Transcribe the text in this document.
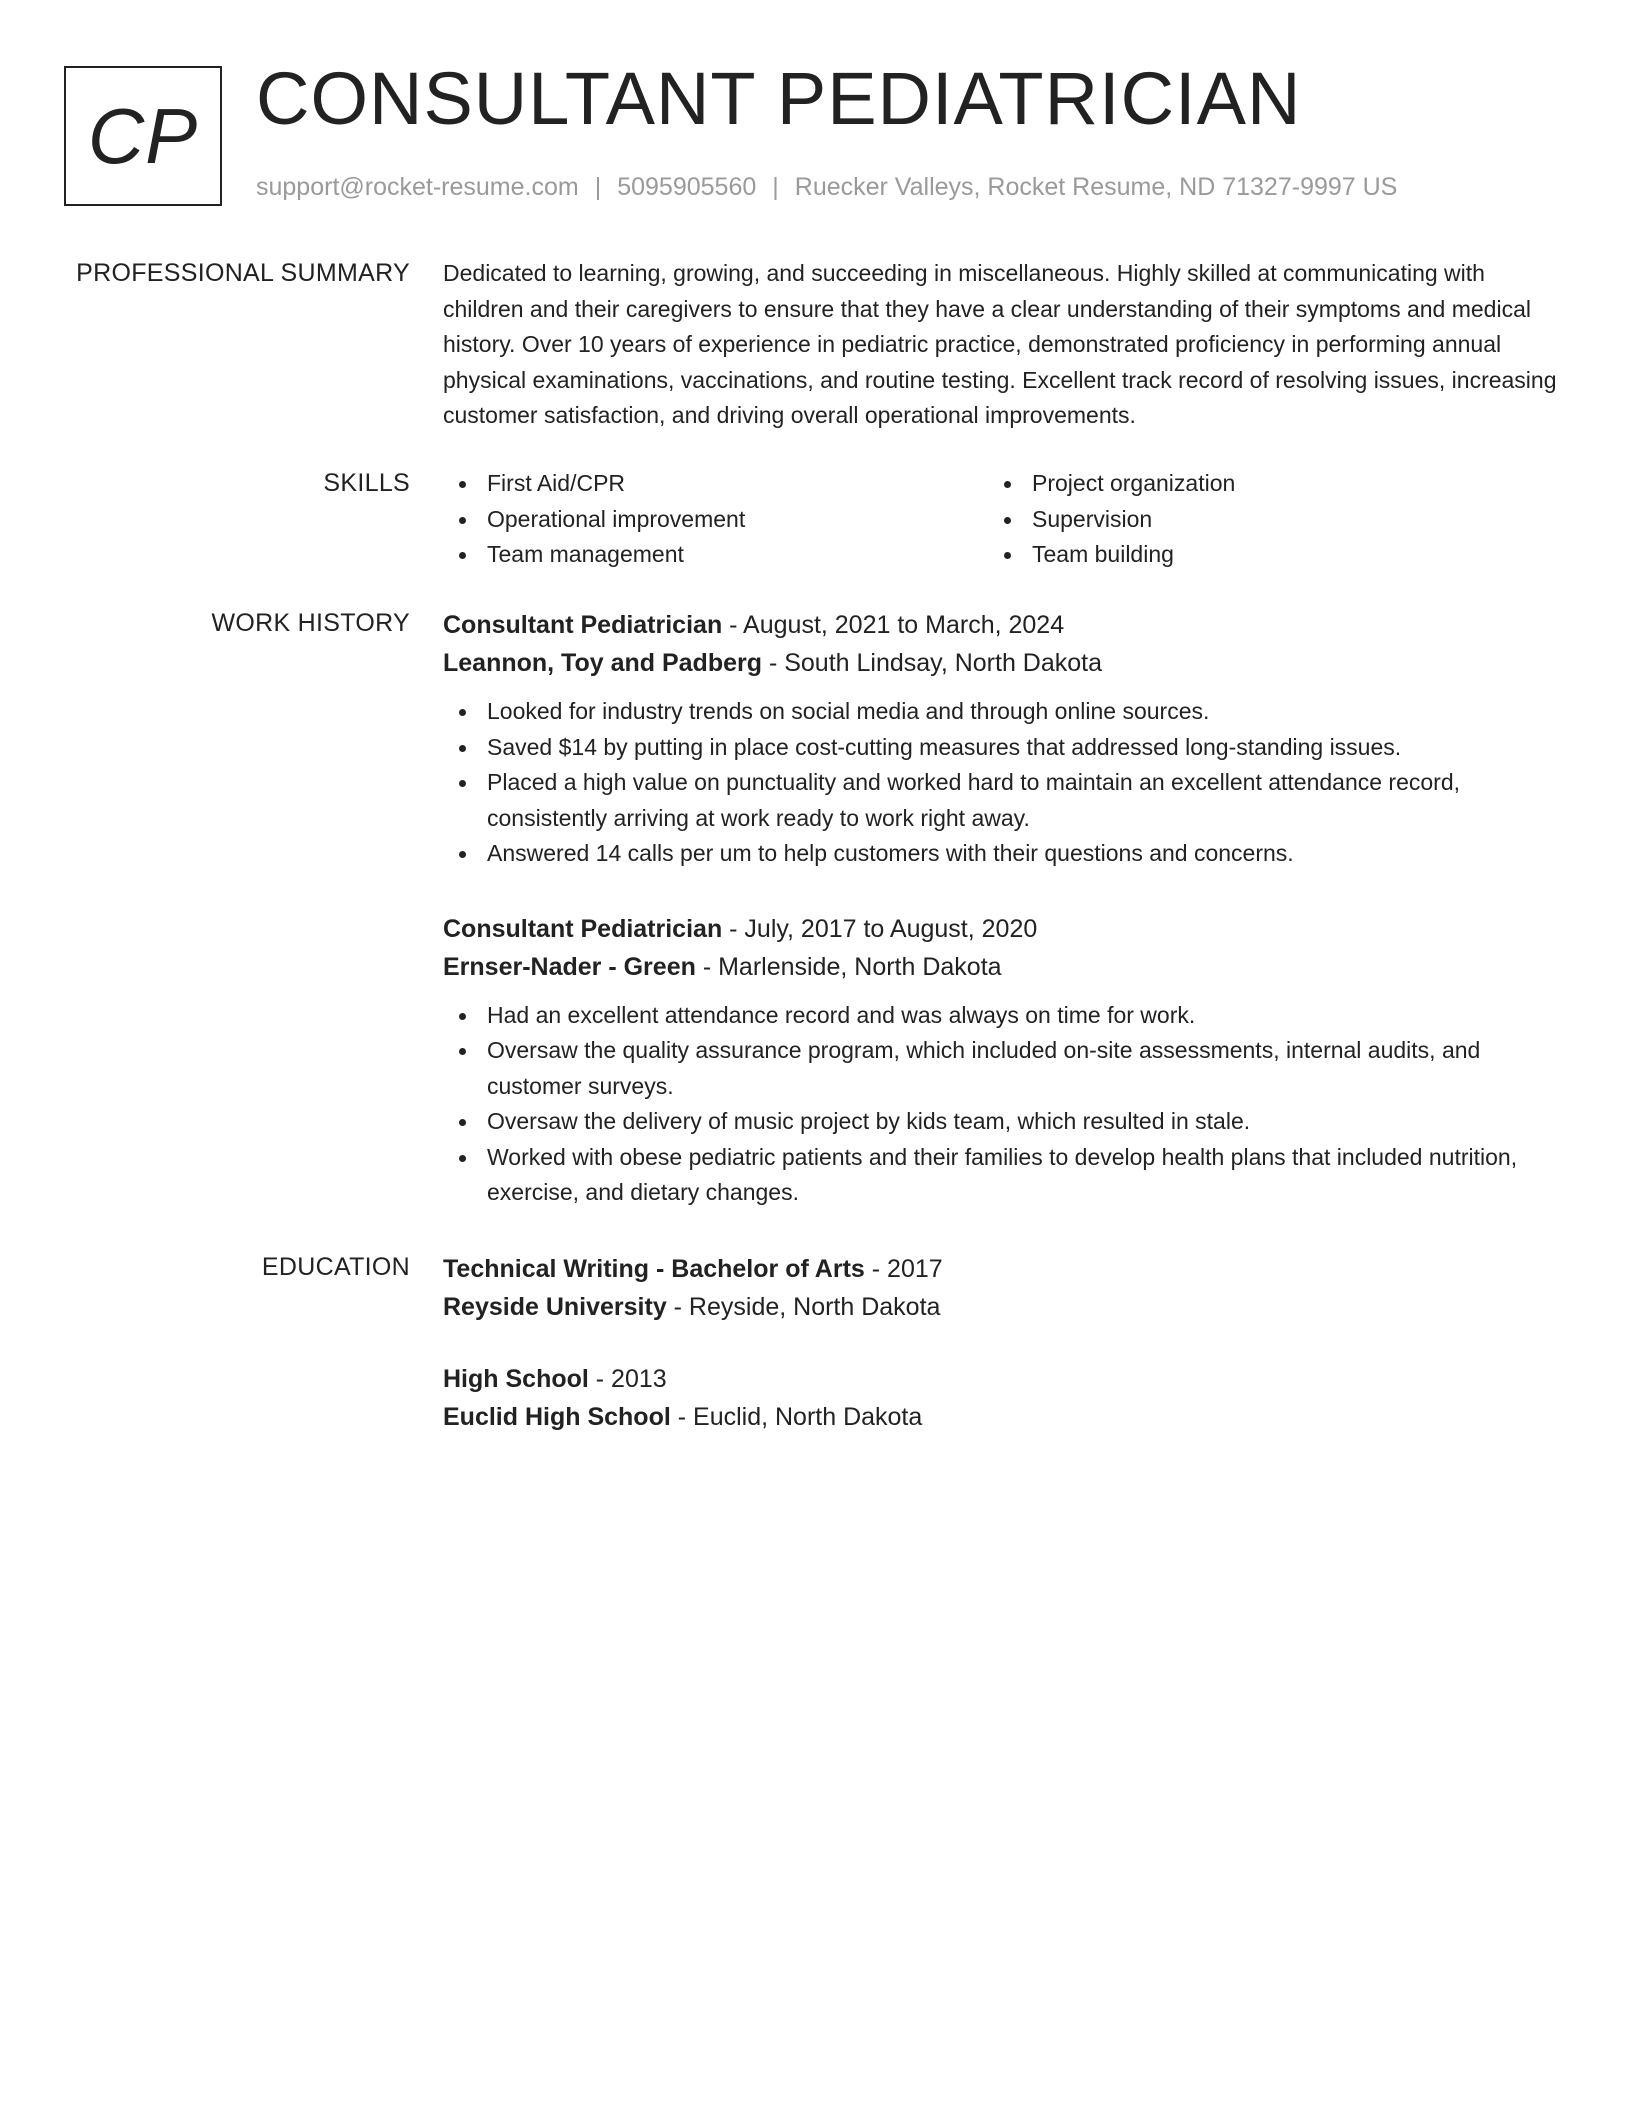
CP CONSULTANT PEDIATRICIAN
support@rocket-resume.com | 5095905560 | Ruecker Valleys, Rocket Resume, ND 71327-9997 US
PROFESSIONAL SUMMARY Dedicated to learning, growing, and succeeding in miscellaneous. Highly skilled at communicating with children and their caregivers to ensure that they have a clear understanding of their symptoms and medical history. Over 10 years of experience in pediatric practice, demonstrated proficiency in performing annual physical examinations, vaccinations, and routine testing. Excellent track record of resolving issues, increasing customer satisfaction, and driving overall operational improvements.

SKILLS	First Aid/CPR
Operational improvement
Team management
Project organization
Supervision
Team building
WORK HISTORY Consultant Pediatrician - August, 2021 to March, 2024
Leannon, Toy and Padberg - South Lindsay, North Dakota
Looked for industry trends on social media and through online sources.
Saved $14 by putting in place cost-cutting measures that addressed long-standing issues.
Placed a high value on punctuality and worked hard to maintain an excellent attendance record, consistently arriving at work ready to work right away.
Answered 14 calls per um to help customers with their questions and concerns.
Consultant Pediatrician - July, 2017 to August, 2020
Ernser-Nader - Green - Marlenside, North Dakota
Had an excellent attendance record and was always on time for work.
Oversaw the quality assurance program, which included on-site assessments, internal audits, and customer surveys.
Oversaw the delivery of music project by kids team, which resulted in stale.
Worked with obese pediatric patients and their families to develop health plans that included nutrition, exercise, and dietary changes.
EDUCATION Technical Writing - Bachelor of Arts - 2017
Reyside University - Reyside, North Dakota
High School - 2013
Euclid High School - Euclid, North Dakota
